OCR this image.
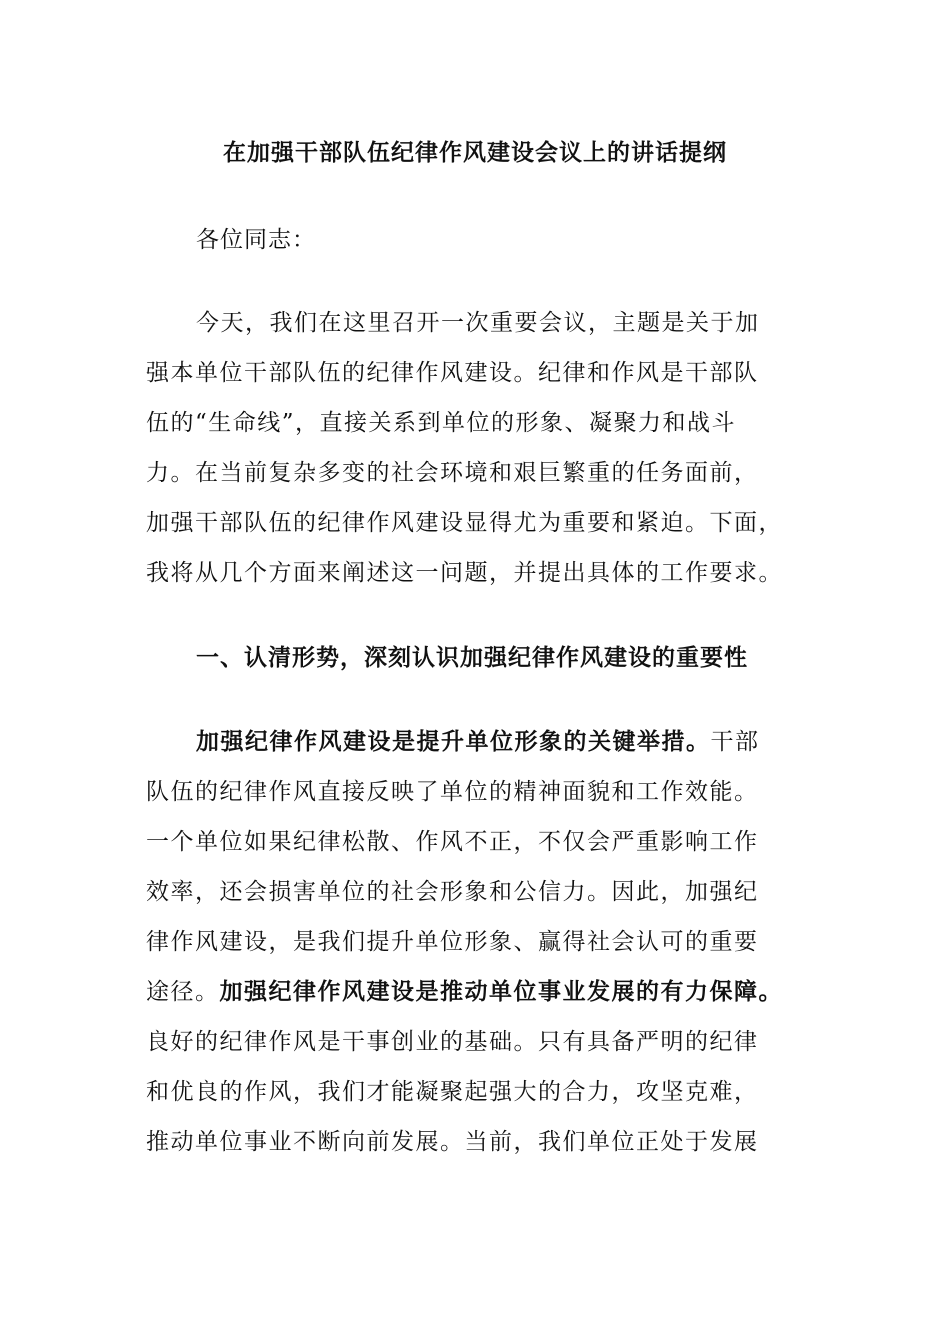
在加强干部队伍纪律作风建设会议上的讲话提纲

各位同志：

今天，我们在这里召开一次重要会议，主题是关于加
强本单位干部队伍的纪律作风建设。纪律和作风是干部队
伍的“生命线”，直接关系到单位的形象、凝聚力和战斗
力。在当前复杂多变的社会环境和艰巨繁重的任务面前，
加强干部队伍的纪律作风建设显得尤为重要和紧迫。下面，
我将从几个方面来阐述这一问题，并提出具体的工作要求。

一、认清形势，深刻认识加强纪律作风建设的重要性

加强纪律作风建设是提升单位形象的关键举措。干部
队伍的纪律作风直接反映了单位的精神面貌和工作效能。
一个单位如果纪律松散、作风不正，不仅会严重影响工作
效率，还会损害单位的社会形象和公信力。因此，加强纪
律作风建设，是我们提升单位形象、赢得社会认可的重要
途径。加强纪律作风建设是推动单位事业发展的有力保障。
良好的纪律作风是干事创业的基础。只有具备严明的纪律
和优良的作风，我们才能凝聚起强大的合力，攻坚克难，
推动单位事业不断向前发展。当前，我们单位正处于发展
